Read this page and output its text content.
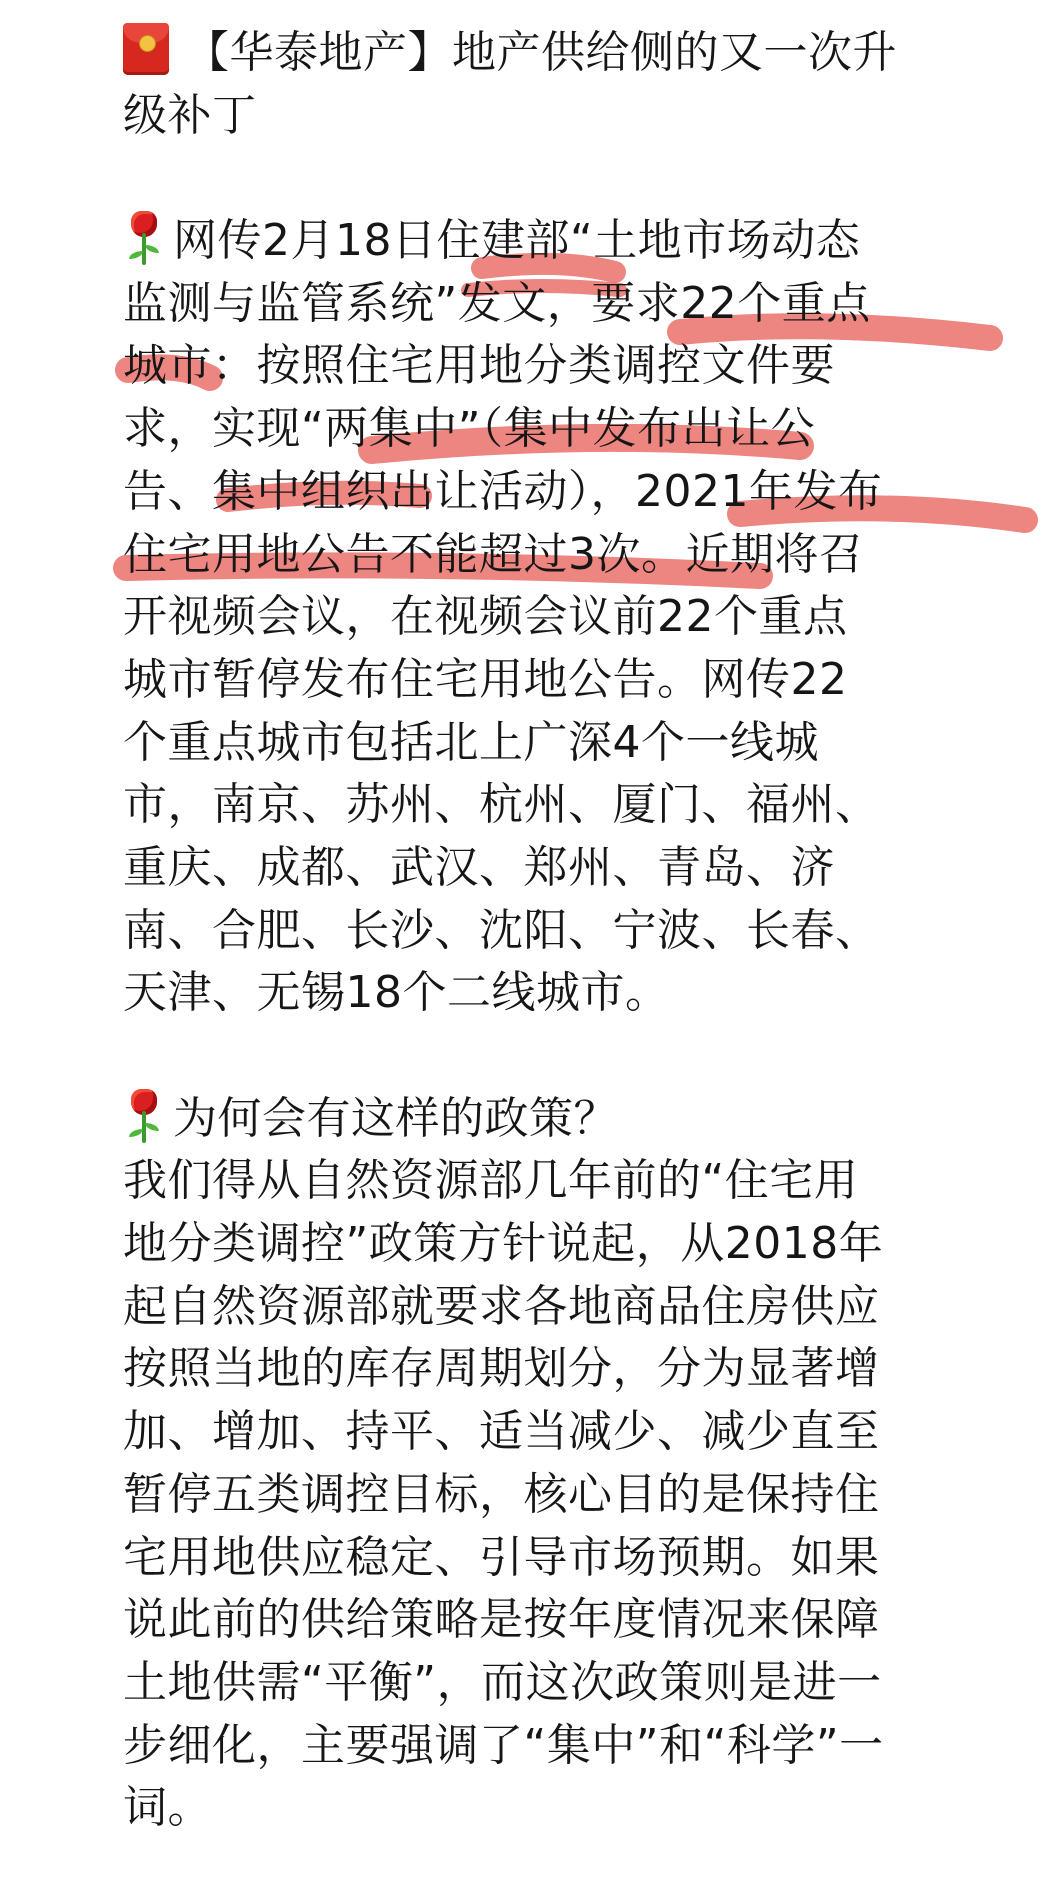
【华泰地产】地产供给侧的又一次升
级补丁
网传2月18日住建部“土地市场动态
监测与监管系统”发文，要求22个重点
城市：按照住宅用地分类调控文件要
求，实现“两集中”（集中发布出让公
告、集中组织出让活动），2021年发布
住宅用地公告不能超过3次。近期将召
开视频会议，在视频会议前22个重点
城市暂停发布住宅用地公告。网传22
个重点城市包括北上广深4个一线城
市，南京、苏州、杭州、厦门、福州、
重庆、成都、武汉、郑州、青岛、济
南、合肥、长沙、沈阳、宁波、长春、
天津、无锡18个二线城市。
为何会有这样的政策？
我们得从自然资源部几年前的“住宅用
地分类调控”政策方针说起，从2018年
起自然资源部就要求各地商品住房供应
按照当地的库存周期划分，分为显著增
加、增加、持平、适当减少、减少直至
暂停五类调控目标，核心目的是保持住
宅用地供应稳定、引导市场预期。如果
说此前的供给策略是按年度情况来保障
土地供需“平衡”，而这次政策则是进一
步细化，主要强调了“集中”和“科学”一
词。
